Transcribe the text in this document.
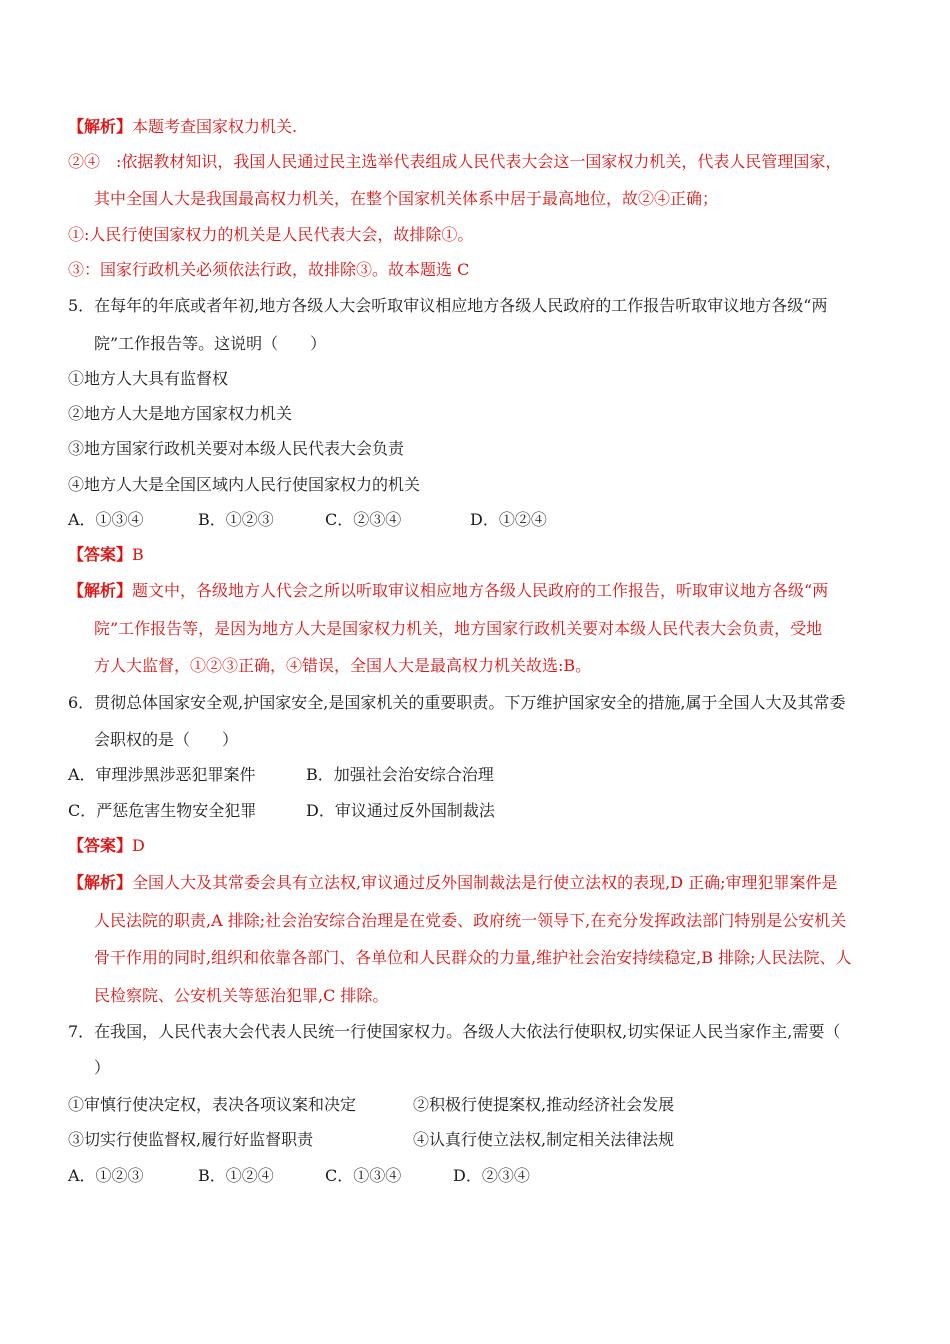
【解析】本题考查国家权力机关.
②④　:依据教材知识，我国人民通过民主选举代表组成人民代表大会这一国家权力机关，代表人民管理国家，
其中全国人大是我国最高权力机关，在整个国家机关体系中居于最高地位，故②④正确；
①:人民行使国家权力的机关是人民代表大会，故排除①。
③：国家行政机关必须依法行政，故排除③。故本题选 C
5．在每年的年底或者年初,地方各级人大会听取审议相应地方各级人民政府的工作报告听取审议地方各级“两
院”工作报告等。这说明（　　）
①地方人大具有监督权
②地方人大是地方国家权力机关
③地方国家行政机关要对本级人民代表大会负责
④地方人大是全国区域内人民行使国家权力的机关
A．①③④	B．①②③	C．②③④	D．①②④
【答案】B
【解析】题文中，各级地方人代会之所以听取审议相应地方各级人民政府的工作报告，听取审议地方各级“两
院”工作报告等，是因为地方人大是国家权力机关，地方国家行政机关要对本级人民代表大会负责，受地
方人大监督，①②③正确，④错误，全国人大是最高权力机关故选:B。
6．贯彻总体国家安全观,护国家安全,是国家机关的重要职责。下万维护国家安全的措施,属于全国人大及其常委
会职权的是（　　）
A．审理涉黑涉恶犯罪案件	B．加强社会治安综合治理
C．严惩危害生物安全犯罪	D．审议通过反外国制裁法
【答案】D
【解析】全国人大及其常委会具有立法权,审议通过反外国制裁法是行使立法权的表现,D 正确;审理犯罪案件是
人民法院的职责,A 排除;社会治安综合治理是在党委、政府统一领导下,在充分发挥政法部门特别是公安机关
骨干作用的同时,组织和依靠各部门、各单位和人民群众的力量,维护社会治安持续稳定,B 排除;人民法院、人
民检察院、公安机关等惩治犯罪,C 排除。
7．在我国，人民代表大会代表人民统一行使国家权力。各级人大依法行使职权,切实保证人民当家作主,需要（
）
①审慎行使决定权，表决各项议案和决定	②积极行使提案权,推动经济社会发展
③切实行使监督权,履行好监督职责	④认真行使立法权,制定相关法律法规
A．①②③	B．①②④	C．①③④	D．②③④
